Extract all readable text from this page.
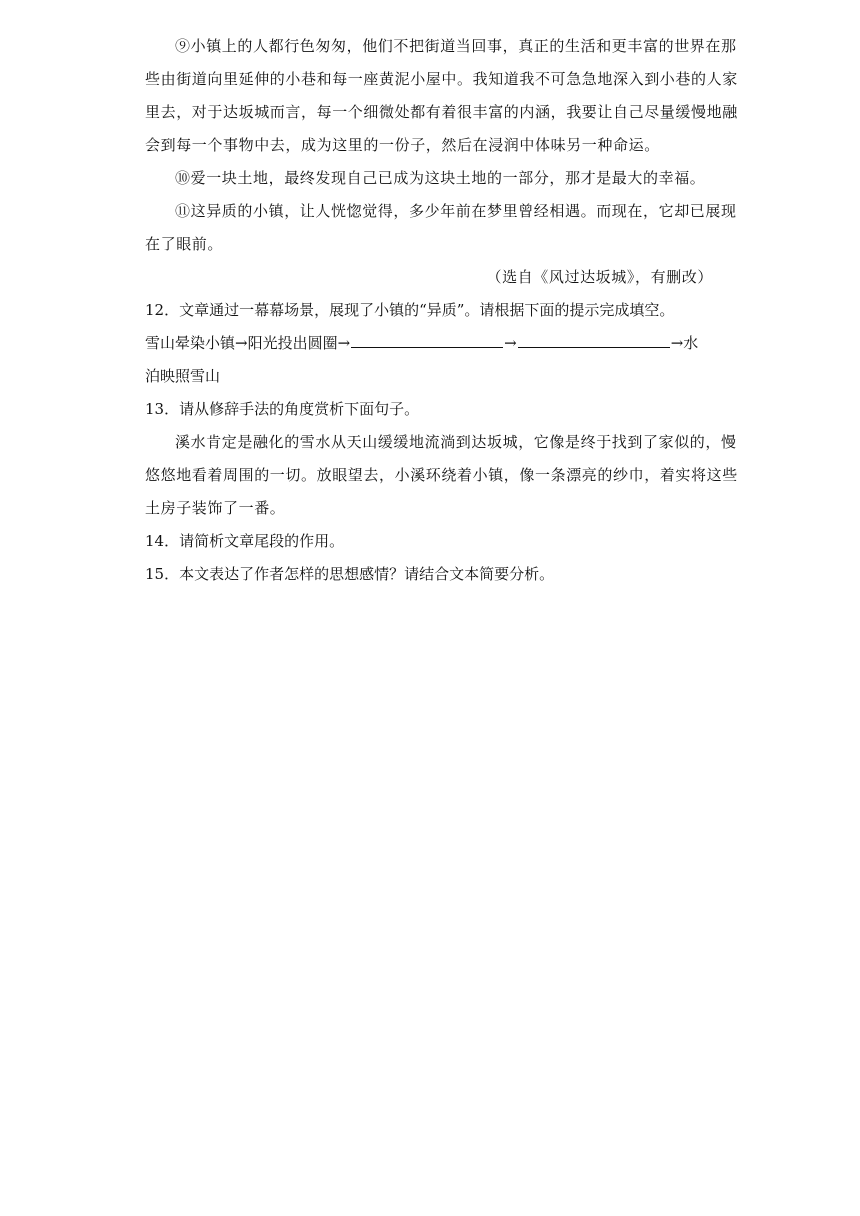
⑨小镇上的人都行色匆匆，他们不把街道当回事，真正的生活和更丰富的世界在那

些由街道向里延伸的小巷和每一座黄泥小屋中。我知道我不可急急地深入到小巷的人家

里去，对于达坂城而言，每一个细微处都有着很丰富的内涵，我要让自己尽量缓慢地融

会到每一个事物中去，成为这里的一份子，然后在浸润中体味另一种命运。

⑩爱一块土地，最终发现自己已成为这块土地的一部分，那才是最大的幸福。

⑪这异质的小镇，让人恍惚觉得，多少年前在梦里曾经相遇。而现在，它却已展现

在了眼前。

（选自《风过达坂城》，有删改）

12．文章通过一幕幕场景，展现了小镇的“异质”。请根据下面的提示完成填空。

雪山晕染小镇→阳光投出圆圈→	→	→水

泊映照雪山

13．请从修辞手法的角度赏析下面句子。

溪水肯定是融化的雪水从天山缓缓地流淌到达坂城，它像是终于找到了家似的，慢

悠悠地看着周围的一切。放眼望去，小溪环绕着小镇，像一条漂亮的纱巾，着实将这些

土房子装饰了一番。

14．请简析文章尾段的作用。

15．本文表达了作者怎样的思想感情？请结合文本简要分析。
